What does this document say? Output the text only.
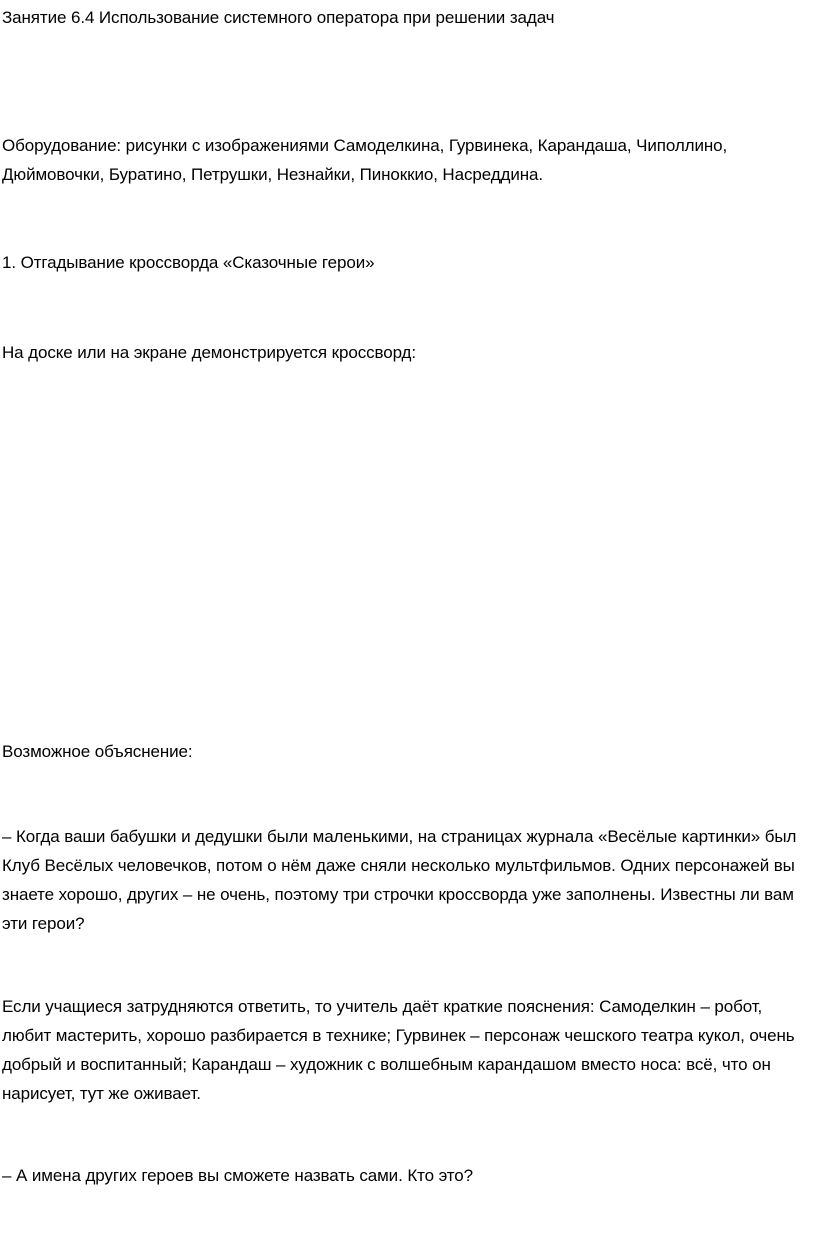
Занятие 6.4 Использование системного оператора при решении задач
Оборудование: рисунки с изображениями Самоделкина, Гурвинека, Карандаша, Чиполлино, Дюймовочки, Буратино, Петрушки, Незнайки, Пиноккио, Насреддина.
1. Отгадывание кроссворда «Сказочные герои»
На доске или на экране демонстрируется кроссворд:
Возможное объяснение:
– Когда ваши бабушки и дедушки были маленькими, на страницах журнала «Весёлые картинки» был Клуб Весёлых человечков, потом о нём даже сняли несколько мультфильмов. Одних персонажей вы знаете хорошо, других – не очень, поэтому три строчки кроссворда уже заполнены. Известны ли вам эти герои?
Если учащиеся затрудняются ответить, то учитель даёт краткие пояснения: Самоделкин – робот, любит мастерить, хорошо разбирается в технике; Гурвинек – персонаж чешского театра кукол, очень добрый и воспитанный; Карандаш – художник с волшебным карандашом вместо носа: всё, что он нарисует, тут же оживает.
– А имена других героев вы сможете назвать сами. Кто это?
